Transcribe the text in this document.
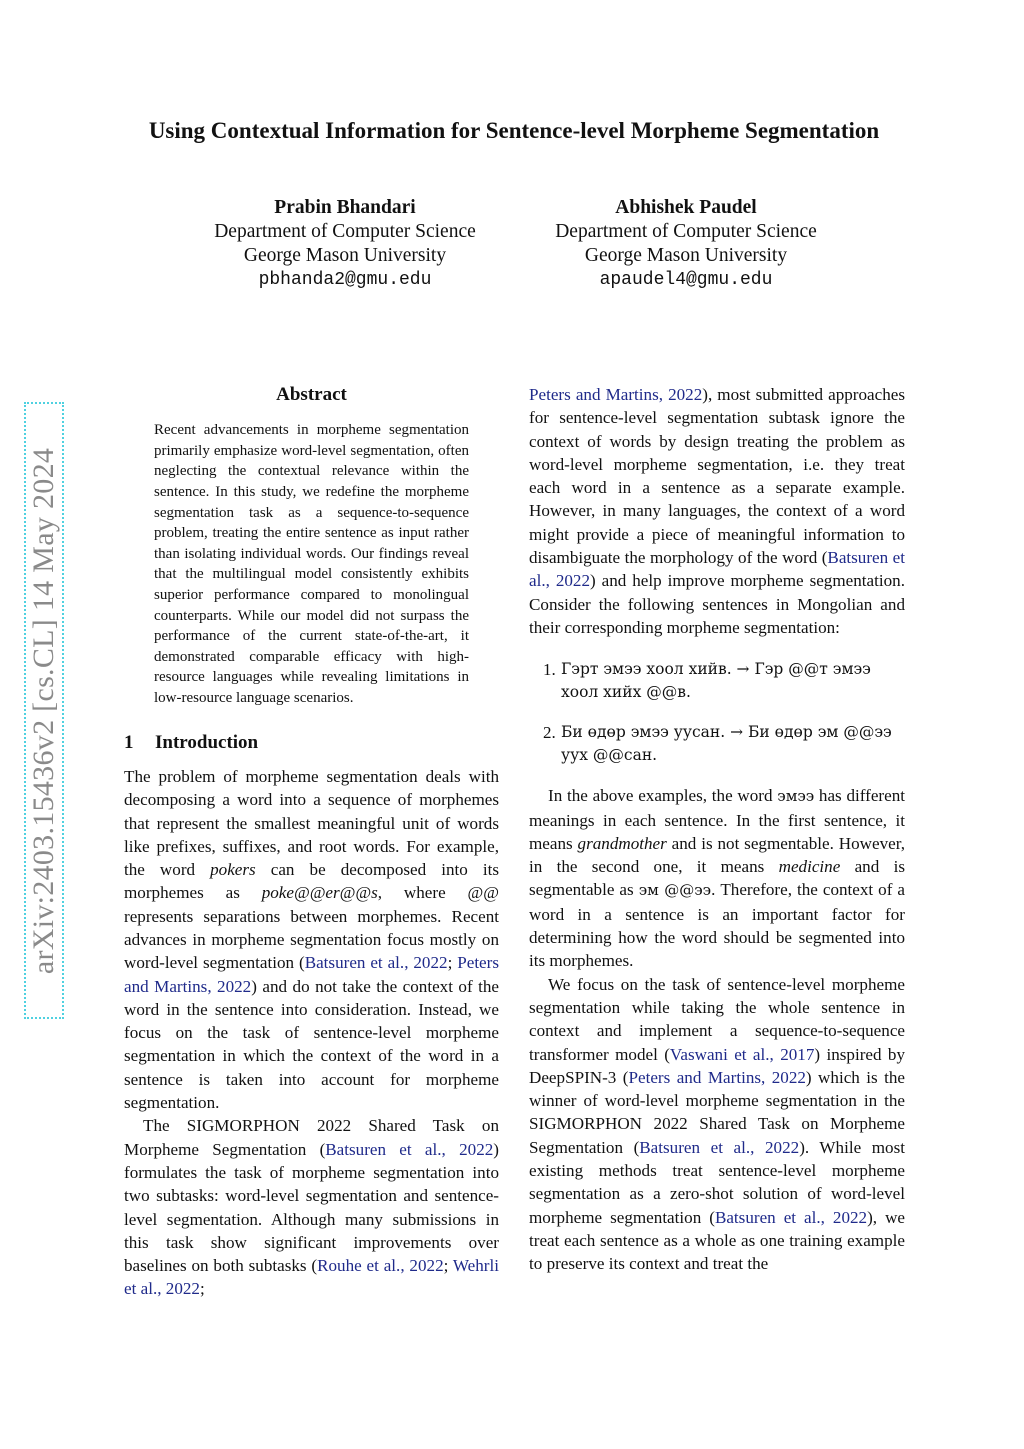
arXiv:2403.15436v2 [cs.CL] 14 May 2024
Using Contextual Information for Sentence-level Morpheme Segmentation
Prabin Bhandari
Department of Computer Science
George Mason University
pbhanda2@gmu.edu
Abhishek Paudel
Department of Computer Science
George Mason University
apaudel4@gmu.edu
Abstract

Recent advancements in morpheme segmentation primarily emphasize word-level segmentation, often neglecting the contextual relevance within the sentence. In this study, we redefine the morpheme segmentation task as a sequence-to-sequence problem, treating the entire sentence as input rather than isolating individual words. Our findings reveal that the multilingual model consistently exhibits superior performance compared to monolingual counterparts. While our model did not surpass the performance of the current state-of-the-art, it demonstrated comparable efficacy with high-resource languages while revealing limitations in low-resource language scenarios.

1 Introduction

The problem of morpheme segmentation deals with decomposing a word into a sequence of morphemes that represent the smallest meaningful unit of words like prefixes, suffixes, and root words. For example, the word pokers can be decomposed into its morphemes as poke@@er@@s, where @@ represents separations between morphemes. Recent advances in morpheme segmentation focus mostly on word-level segmentation (Batsuren et al., 2022; Peters and Martins, 2022) and do not take the context of the word in the sentence into consideration. Instead, we focus on the task of sentence-level morpheme segmentation in which the context of the word in a sentence is taken into account for morpheme segmentation.

The SIGMORPHON 2022 Shared Task on Morpheme Segmentation (Batsuren et al., 2022) formulates the task of morpheme segmentation into two subtasks: word-level segmentation and sentence-level segmentation. Although many submissions in this task show significant improvements over baselines on both subtasks (Rouhe et al., 2022; Wehrli et al., 2022;

Peters and Martins, 2022), most submitted approaches for sentence-level segmentation subtask ignore the context of words by design treating the problem as word-level morpheme segmentation, i.e. they treat each word in a sentence as a separate example. However, in many languages, the context of a word might provide a piece of meaningful information to disambiguate the morphology of the word (Batsuren et al., 2022) and help improve morpheme segmentation. Consider the following sentences in Mongolian and their corresponding morpheme segmentation:

1. Гэрт эмээ хоол хийв. → Гэр @@т эмээ хоол хийх @@в.
2. Би өдөр эмээ уусан. → Би өдөр эм @@ээ уух @@сан.

In the above examples, the word эмээ has different meanings in each sentence. In the first sentence, it means grandmother and is not segmentable. However, in the second one, it means medicine and is segmentable as эм @@ээ. Therefore, the context of a word in a sentence is an important factor for determining how the word should be segmented into its morphemes.

We focus on the task of sentence-level morpheme segmentation while taking the whole sentence in context and implement a sequence-to-sequence transformer model (Vaswani et al., 2017) inspired by DeepSPIN-3 (Peters and Martins, 2022) which is the winner of word-level morpheme segmentation in the SIGMORPHON 2022 Shared Task on Morpheme Segmentation (Batsuren et al., 2022). While most existing methods treat sentence-level morpheme segmentation as a zero-shot solution of word-level morpheme segmentation (Batsuren et al., 2022), we treat each sentence as a whole as one training example to preserve its context and treat the
